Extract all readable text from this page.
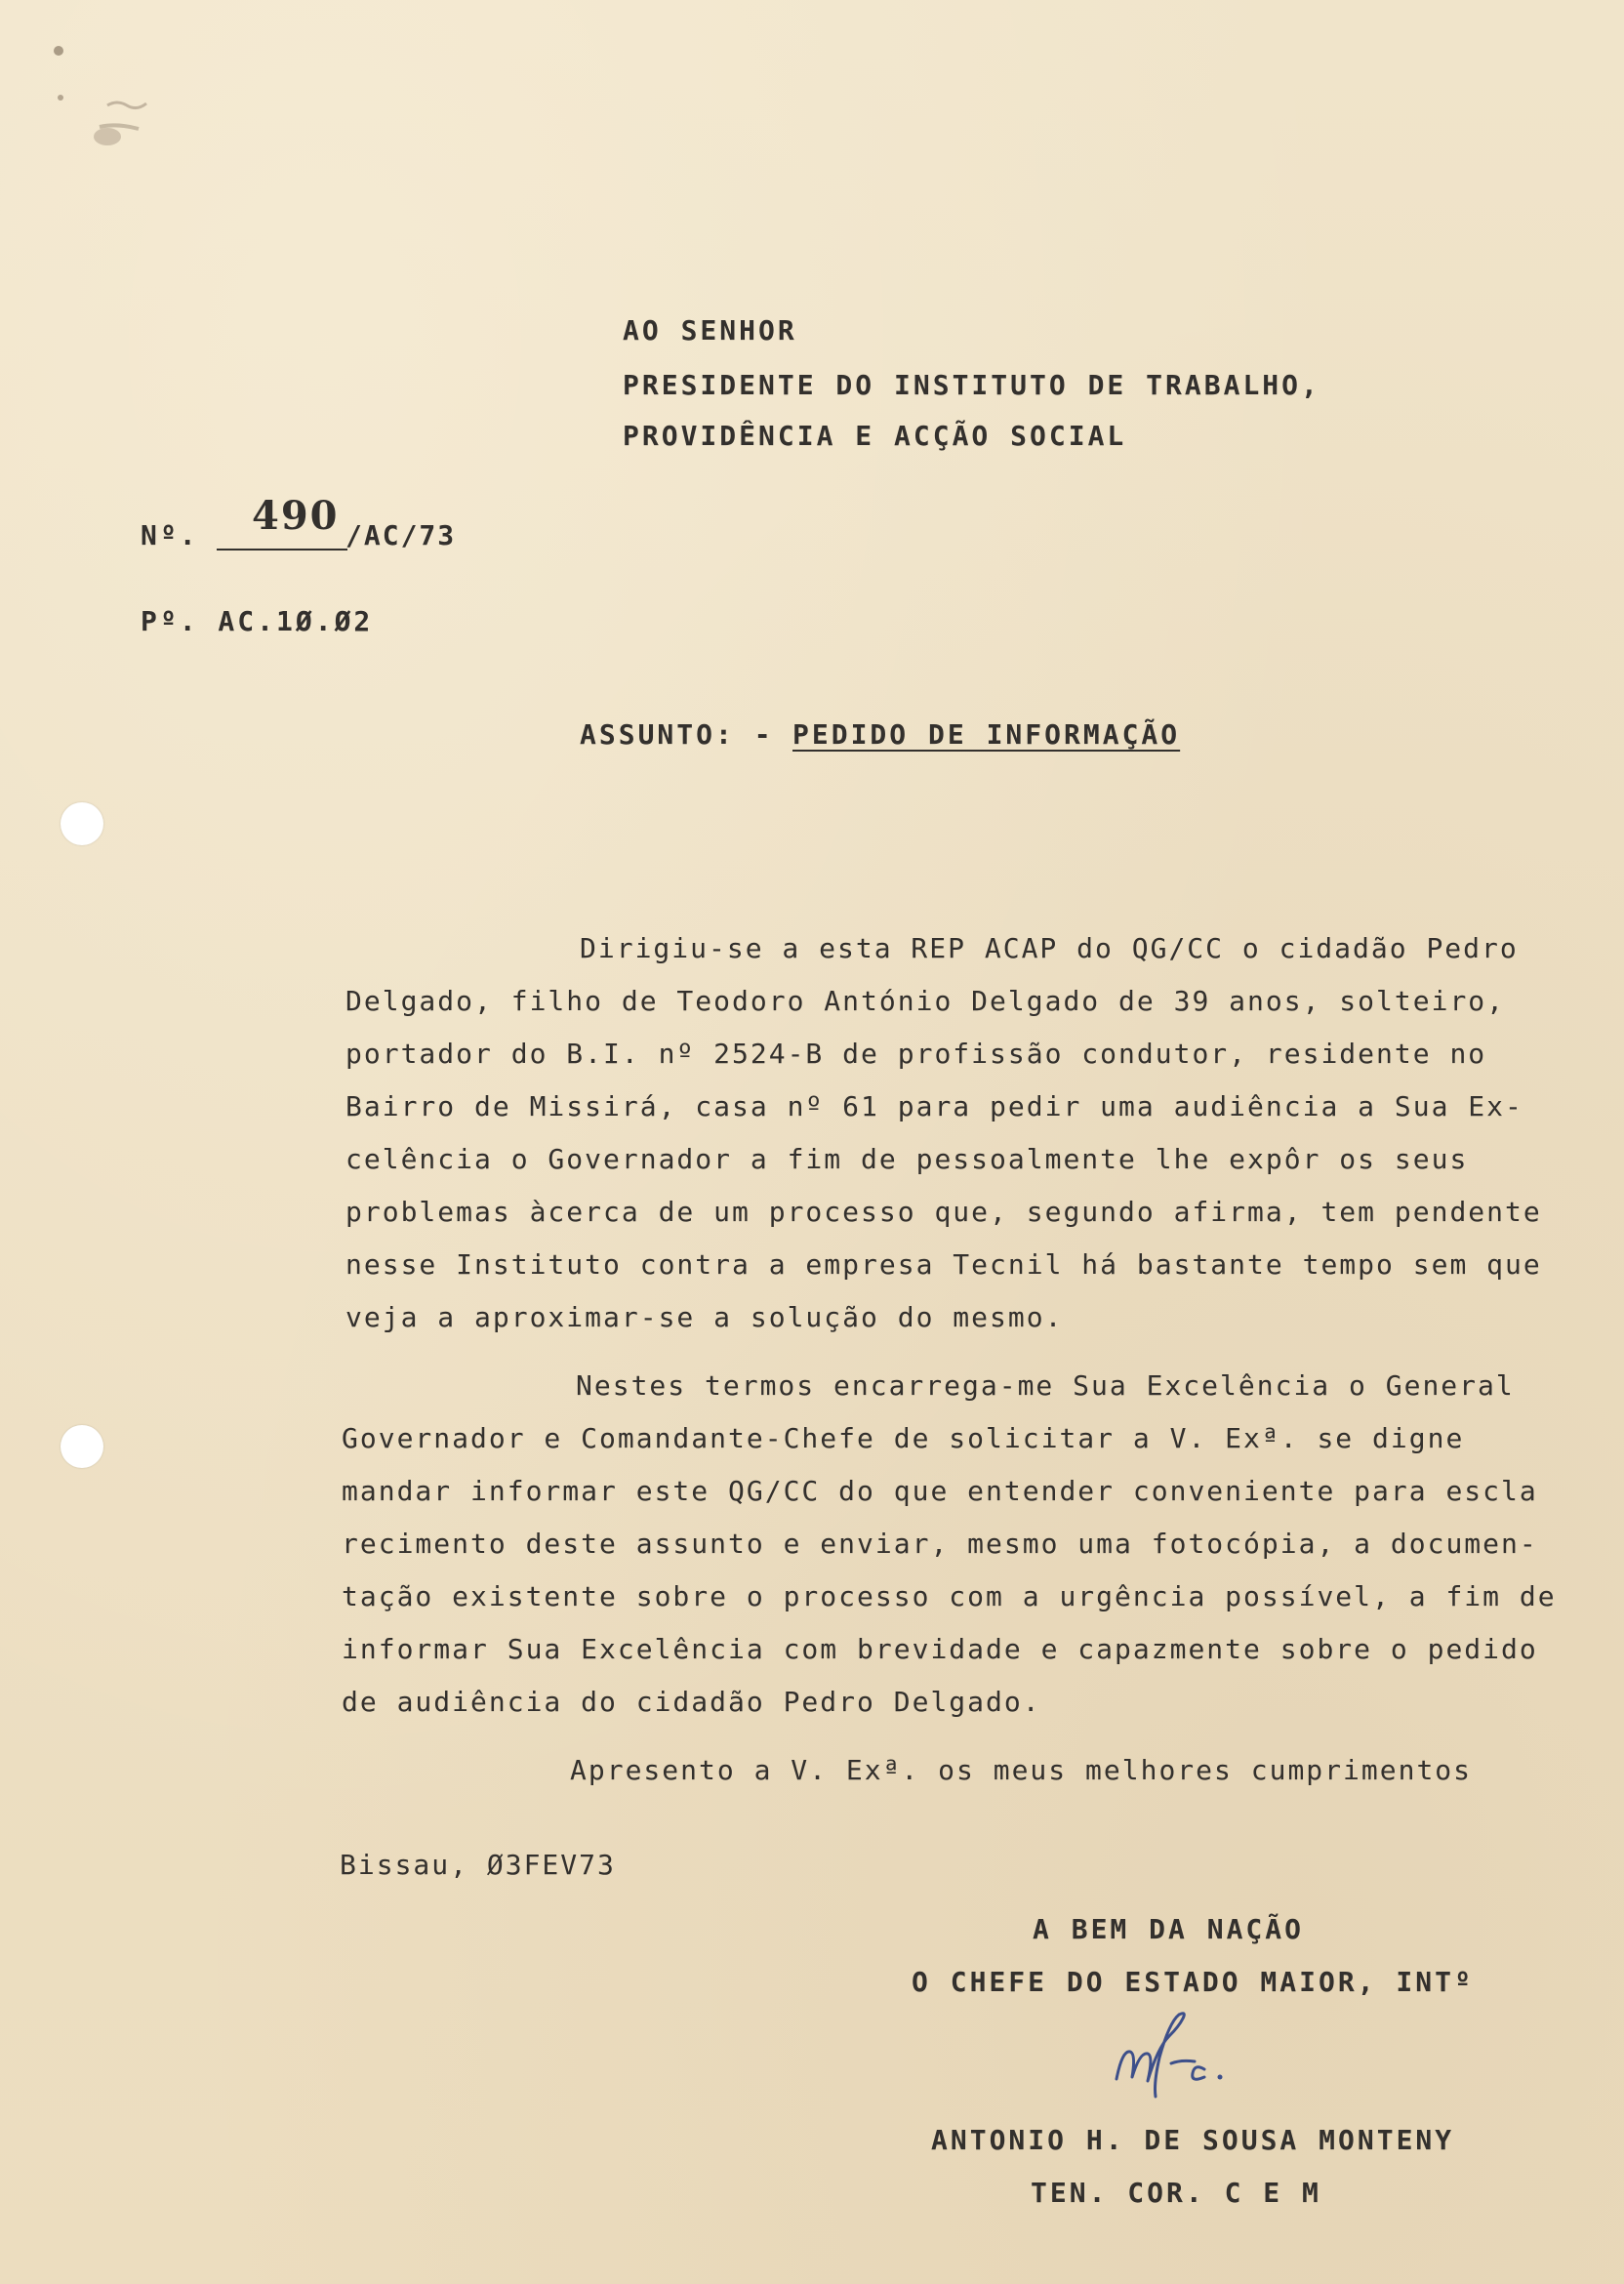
AO SENHOR
PRESIDENTE DO INSTITUTO DE TRABALHO,
PROVIDÊNCIA E ACÇÃO SOCIAL
Nº. 490 /AC/73
Pº. AC.1Ø.Ø2
ASSUNTO: - PEDIDO DE INFORMAÇÃO
Dirigiu-se a esta REP ACAP do QG/CC o cidadão Pedro
Delgado, filho de Teodoro António Delgado de 39 anos, solteiro,
portador do B.I. nº 2524-B de profissão condutor, residente no
Bairro de Missirá, casa nº 61 para pedir uma audiência a Sua Ex-
celência o Governador a fim de pessoalmente lhe expôr os seus
problemas àcerca de um processo que, segundo afirma, tem pendente
nesse Instituto contra a empresa Tecnil há bastante tempo sem que
veja a aproximar-se a solução do mesmo.
Nestes termos encarrega-me Sua Excelência o General
Governador e Comandante-Chefe de solicitar a V. Exª. se digne
mandar informar este QG/CC do que entender conveniente para escla
recimento deste assunto e enviar, mesmo uma fotocópia, a documen-
tação existente sobre o processo com a urgência possível, a fim de
informar Sua Excelência com brevidade e capazmente sobre o pedido
de audiência do cidadão Pedro Delgado.
Apresento a V. Exª. os meus melhores cumprimentos
Bissau, Ø3FEV73
A BEM DA NAÇÃO
O CHEFE DO ESTADO MAIOR, INTº
ANTONIO H. DE SOUSA MONTENY
TEN. COR. C E M
